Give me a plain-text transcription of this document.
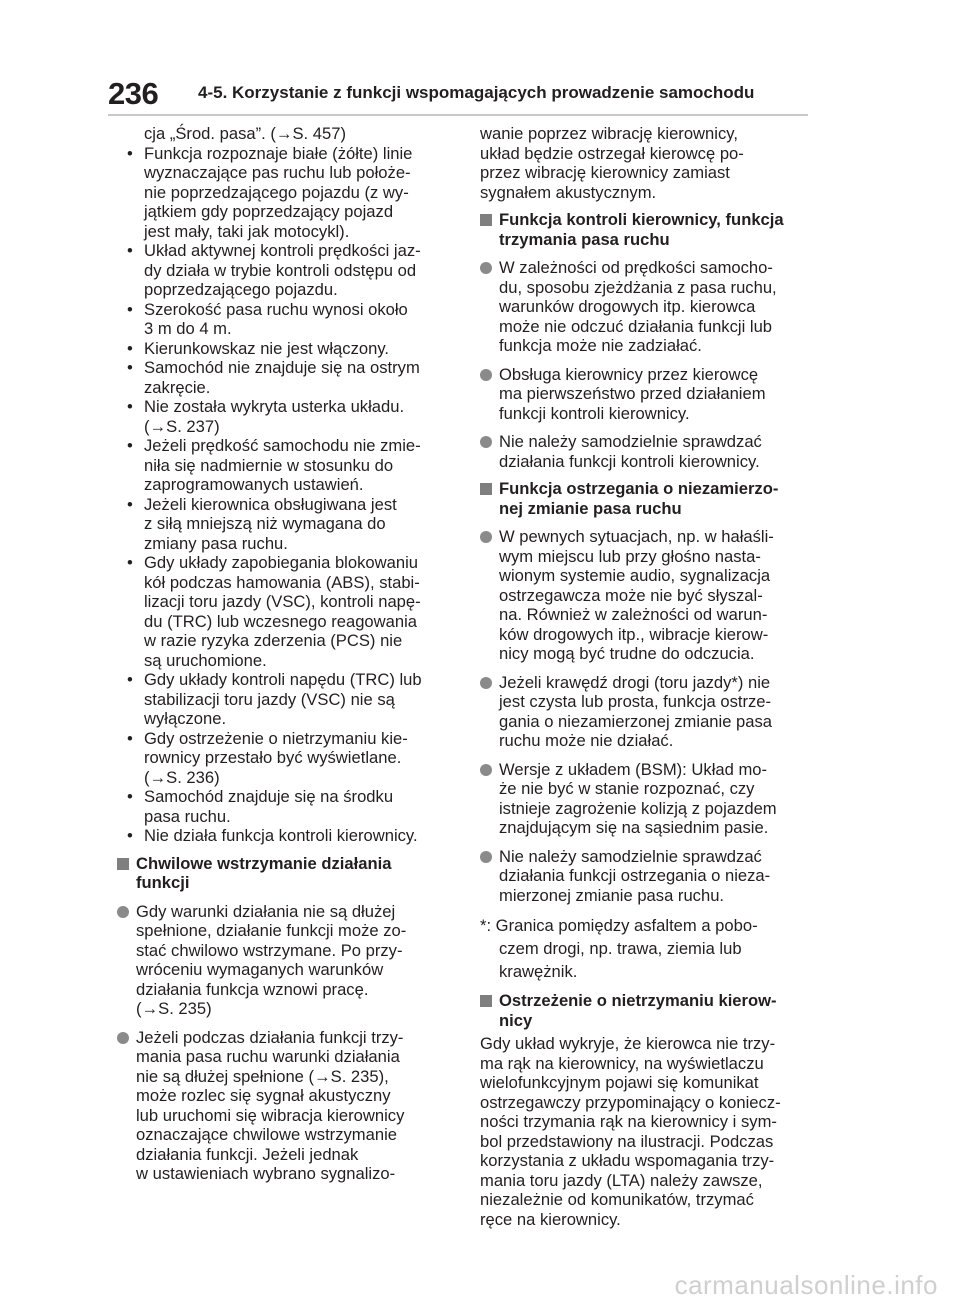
236 4-5. Korzystanie z funkcji wspomagających prowadzenie samochodu
cja „Środ. pasa”. (→S. 457)
• Funkcja rozpoznaje białe (żółte) linie
wyznaczające pas ruchu lub położe-
nie poprzedzającego pojazdu (z wy-
jątkiem gdy poprzedzający pojazd
jest mały, taki jak motocykl).
• Układ aktywnej kontroli prędkości jaz-
dy działa w trybie kontroli odstępu od
poprzedzającego pojazdu.
• Szerokość pasa ruchu wynosi około
3 m do 4 m.
• Kierunkowskaz nie jest włączony.
• Samochód nie znajduje się na ostrym
zakręcie.
• Nie została wykryta usterka układu.
(→S. 237)
• Jeżeli prędkość samochodu nie zmie-
niła się nadmiernie w stosunku do
zaprogramowanych ustawień.
• Jeżeli kierownica obsługiwana jest
z siłą mniejszą niż wymagana do
zmiany pasa ruchu.
• Gdy układy zapobiegania blokowaniu
kół podczas hamowania (ABS), stabi-
lizacji toru jazdy (VSC), kontroli napę-
du (TRC) lub wczesnego reagowania
w razie ryzyka zderzenia (PCS) nie
są uruchomione.
• Gdy układy kontroli napędu (TRC) lub
stabilizacji toru jazdy (VSC) nie są
wyłączone.
• Gdy ostrzeżenie o nietrzymaniu kie-
rownicy przestało być wyświetlane.
(→S. 236)
• Samochód znajduje się na środku
pasa ruchu.
• Nie działa funkcja kontroli kierownicy.
Chwilowe wstrzymanie działania
funkcji
Gdy warunki działania nie są dłużej
spełnione, działanie funkcji może zo-
stać chwilowo wstrzymane. Po przy-
wróceniu wymaganych warunków
działania funkcja wznowi pracę.
(→S. 235)
Jeżeli podczas działania funkcji trzy-
mania pasa ruchu warunki działania
nie są dłużej spełnione (→S. 235),
może rozlec się sygnał akustyczny
lub uruchomi się wibracja kierownicy
oznaczające chwilowe wstrzymanie
działania funkcji. Jeżeli jednak
w ustawieniach wybrano sygnalizo-
wanie poprzez wibrację kierownicy,
układ będzie ostrzegał kierowcę po-
przez wibrację kierownicy zamiast
sygnałem akustycznym.
Funkcja kontroli kierownicy, funkcja
trzymania pasa ruchu
W zależności od prędkości samocho-
du, sposobu zjeżdżania z pasa ruchu,
warunków drogowych itp. kierowca
może nie odczuć działania funkcji lub
funkcja może nie zadziałać.
Obsługa kierownicy przez kierowcę
ma pierwszeństwo przed działaniem
funkcji kontroli kierownicy.
Nie należy samodzielnie sprawdzać
działania funkcji kontroli kierownicy.
Funkcja ostrzegania o niezamierzo-
nej zmianie pasa ruchu
W pewnych sytuacjach, np. w hałaśli-
wym miejscu lub przy głośno nasta-
wionym systemie audio, sygnalizacja
ostrzegawcza może nie być słyszal-
na. Również w zależności od warun-
ków drogowych itp., wibracje kierow-
nicy mogą być trudne do odczucia.
Jeżeli krawędź drogi (toru jazdy*) nie
jest czysta lub prosta, funkcja ostrze-
gania o niezamierzonej zmianie pasa
ruchu może nie działać.
Wersje z układem (BSM): Układ mo-
że nie być w stanie rozpoznać, czy
istnieje zagrożenie kolizją z pojazdem
znajdującym się na sąsiednim pasie.
Nie należy samodzielnie sprawdzać
działania funkcji ostrzegania o nieza-
mierzonej zmianie pasa ruchu.
*: Granica pomiędzy asfaltem a pobo-
czem drogi, np. trawa, ziemia lub
krawężnik.
Ostrzeżenie o nietrzymaniu kierow-
nicy
Gdy układ wykryje, że kierowca nie trzy-
ma rąk na kierownicy, na wyświetlaczu
wielofunkcyjnym pojawi się komunikat
ostrzegawczy przypominający o koniecz-
ności trzymania rąk na kierownicy i sym-
bol przedstawiony na ilustracji. Podczas
korzystania z układu wspomagania trzy-
mania toru jazdy (LTA) należy zawsze,
niezależnie od komunikatów, trzymać
ręce na kierownicy.
carmanualsonline.info
